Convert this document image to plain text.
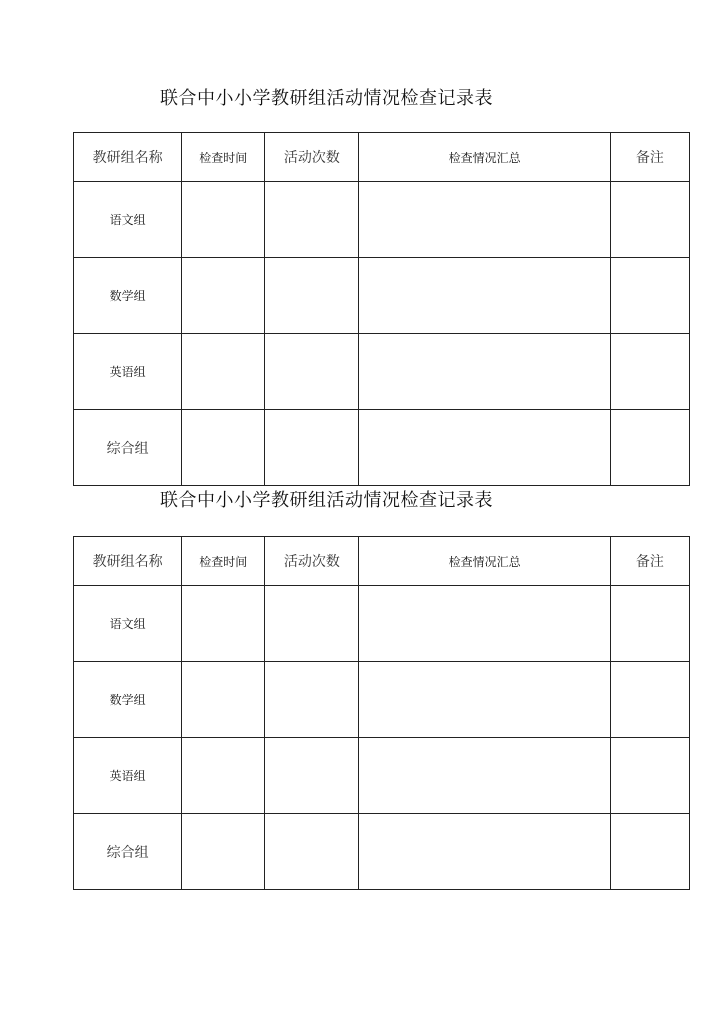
联合中小小学教研组活动情况检查记录表
教研组名称	检查时间	活动次数	检查情况汇总	备注
语文组				
数学组				
英语组				
综合组				
联合中小小学教研组活动情况检查记录表
教研组名称	检查时间	活动次数	检查情况汇总	备注
语文组				
数学组				
英语组				
综合组				
